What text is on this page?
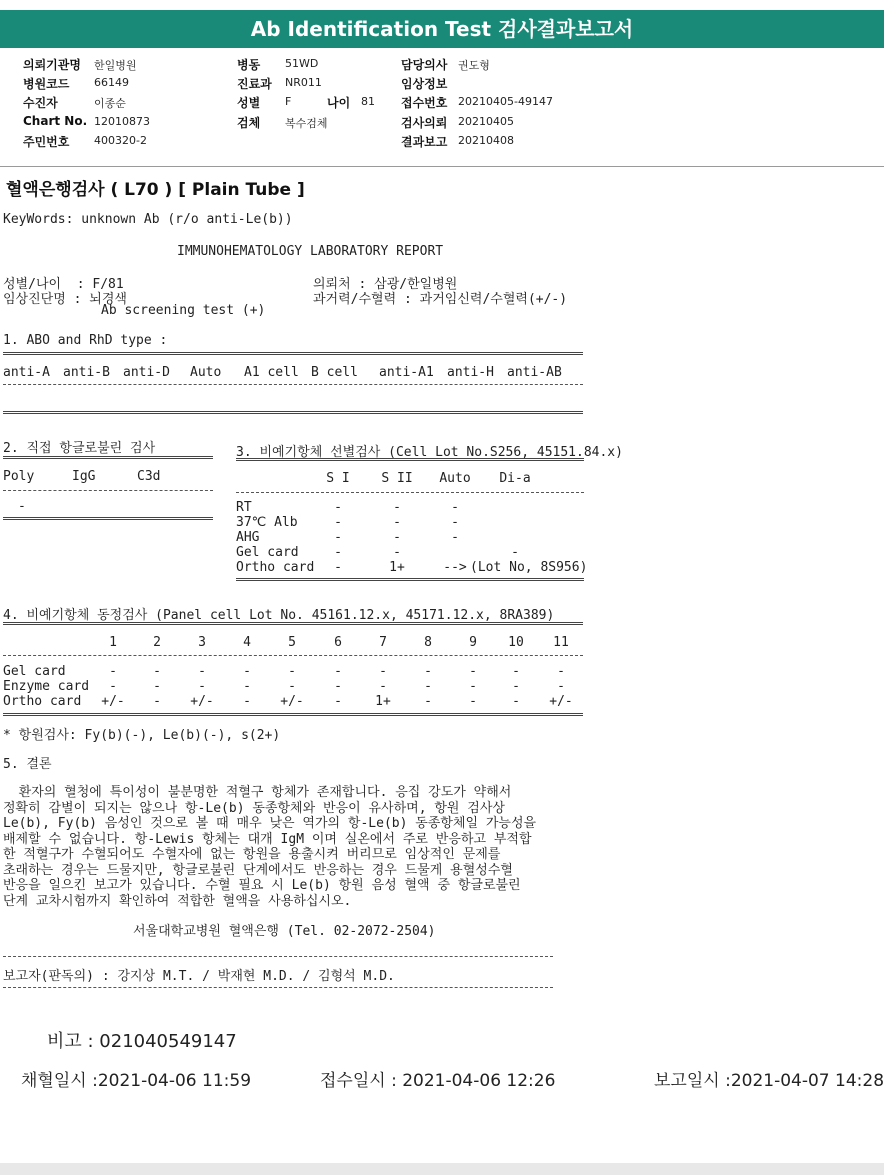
Ab Identification Test 검사결과보고서
의뢰기관명 한일병원
병원코드 66149
수진자	이종순
Chart No. 12010873
주민번호 400320-2
병동 51WD
진료과 NR011
성별 F	나이 81
검체 복수검체
담당의사 권도형
임상정보
접수번호 20210405-49147
검사의뢰 20210405
결과보고 20210408
혈액은행검사 ( L70 ) [ Plain Tube ]
KeyWords: unknown Ab (r/o anti-Le(b))
IMMUNOHEMATOLOGY LABORATORY REPORT
성별/나이  : F/81
임상진단명 : 뇌경색
Ab screening test (+)
의뢰처 : 삼광/한일병원
과거력/수혈력 : 과거임신력/수혈력(+/-)
1. ABO and RhD type :
anti-A anti-B anti-D Auto A1 cell B cell anti-A1 anti-H anti-AB
2. 직접 항글로불린 검사
Poly	IgG	C3d
-
3. 비예기항체 선별검사 (Cell Lot No.S256, 45151.84.x)
S I	S II	Auto	Di-a
RT	-	-	-
37℃ Alb	-	-	-
AHG	-	-	-
Gel card	-	-	-
Ortho card	-	1+	--> (Lot No, 8S956)
4. 비예기항체 동정검사 (Panel cell Lot No. 45161.12.x, 45171.12.x, 8RA389)
1	2	3	4	5	6	7	8	9	10	11
Gel card	-	-	-	-	-	-	-	-	-	-	-
Enzyme card	-	-	-	-	-	-	-	-	-	-	-
Ortho card	+/-	-	+/-	-	+/-	-	1+	-	-	-	+/-
* 항원검사: Fy(b)(-), Le(b)(-), s(2+)
5. 결론
환자의 혈청에 특이성이 불분명한 적혈구 항체가 존재합니다. 응집 강도가 약해서
정확히 감별이 되지는 않으나 항-Le(b) 동종항체와 반응이 유사하며, 항원 검사상
Le(b), Fy(b) 음성인 것으로 볼 때 매우 낮은 역가의 항-Le(b) 동종항체일 가능성을
배제할 수 없습니다. 항-Lewis 항체는 대개 IgM 이며 실온에서 주로 반응하고 부적합
한 적혈구가 수혈되어도 수혈자에 없는 항원을 용출시켜 버리므로 임상적인 문제를
초래하는 경우는 드물지만, 항글로불린 단계에서도 반응하는 경우 드물게 용혈성수혈
반응을 일으킨 보고가 있습니다. 수혈 필요 시 Le(b) 항원 음성 혈액 중 항글로불린
단계 교차시험까지 확인하여 적합한 혈액을 사용하십시오.
서울대학교병원 혈액은행 (Tel. 02-2072-2504)
보고자(판독의) : 강지상 M.T. / 박재현 M.D. / 김형석 M.D.
비고 : 021040549147
채혈일시 :2021-04-06 11:59	접수일시 : 2021-04-06 12:26	보고일시 :2021-04-07 14:28
